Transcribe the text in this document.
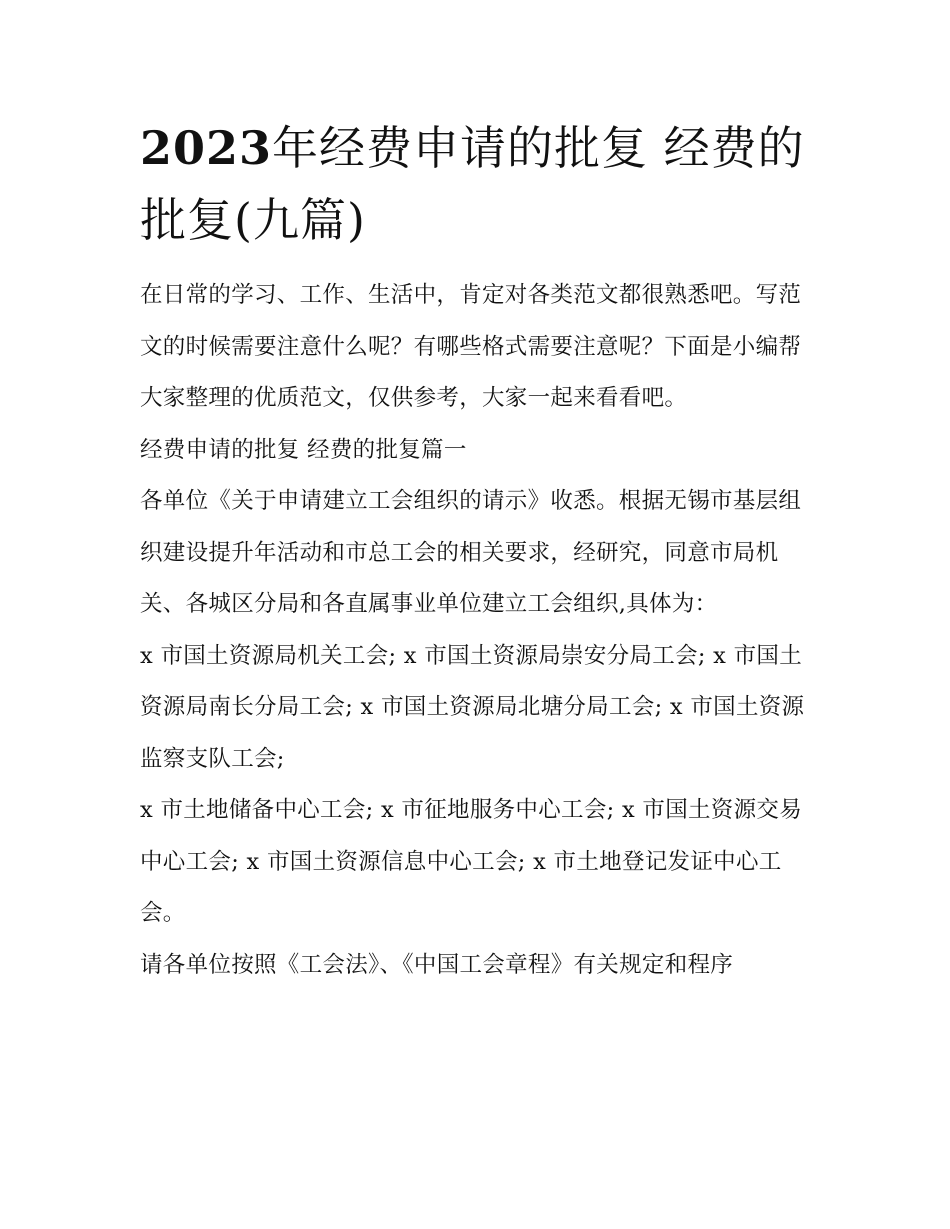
2023年经费申请的批复 经费的批复(九篇)

在日常的学习、工作、生活中，肯定对各类范文都很熟悉吧。写范文的时候需要注意什么呢？有哪些格式需要注意呢？下面是小编帮大家整理的优质范文，仅供参考，大家一起来看看吧。

经费申请的批复 经费的批复篇一

各单位《关于申请建立工会组织的请示》收悉。根据无锡市基层组织建设提升年活动和市总工会的相关要求，经研究，同意市局机关、各城区分局和各直属事业单位建立工会组织,具体为：

x 市国土资源局机关工会; x 市国土资源局崇安分局工会; x 市国土资源局南长分局工会; x 市国土资源局北塘分局工会; x 市国土资源监察支队工会;

x 市土地储备中心工会; x 市征地服务中心工会; x 市国土资源交易中心工会; x 市国土资源信息中心工会; x 市土地登记发证中心工会。

请各单位按照《工会法》、《中国工会章程》有关规定和程序
